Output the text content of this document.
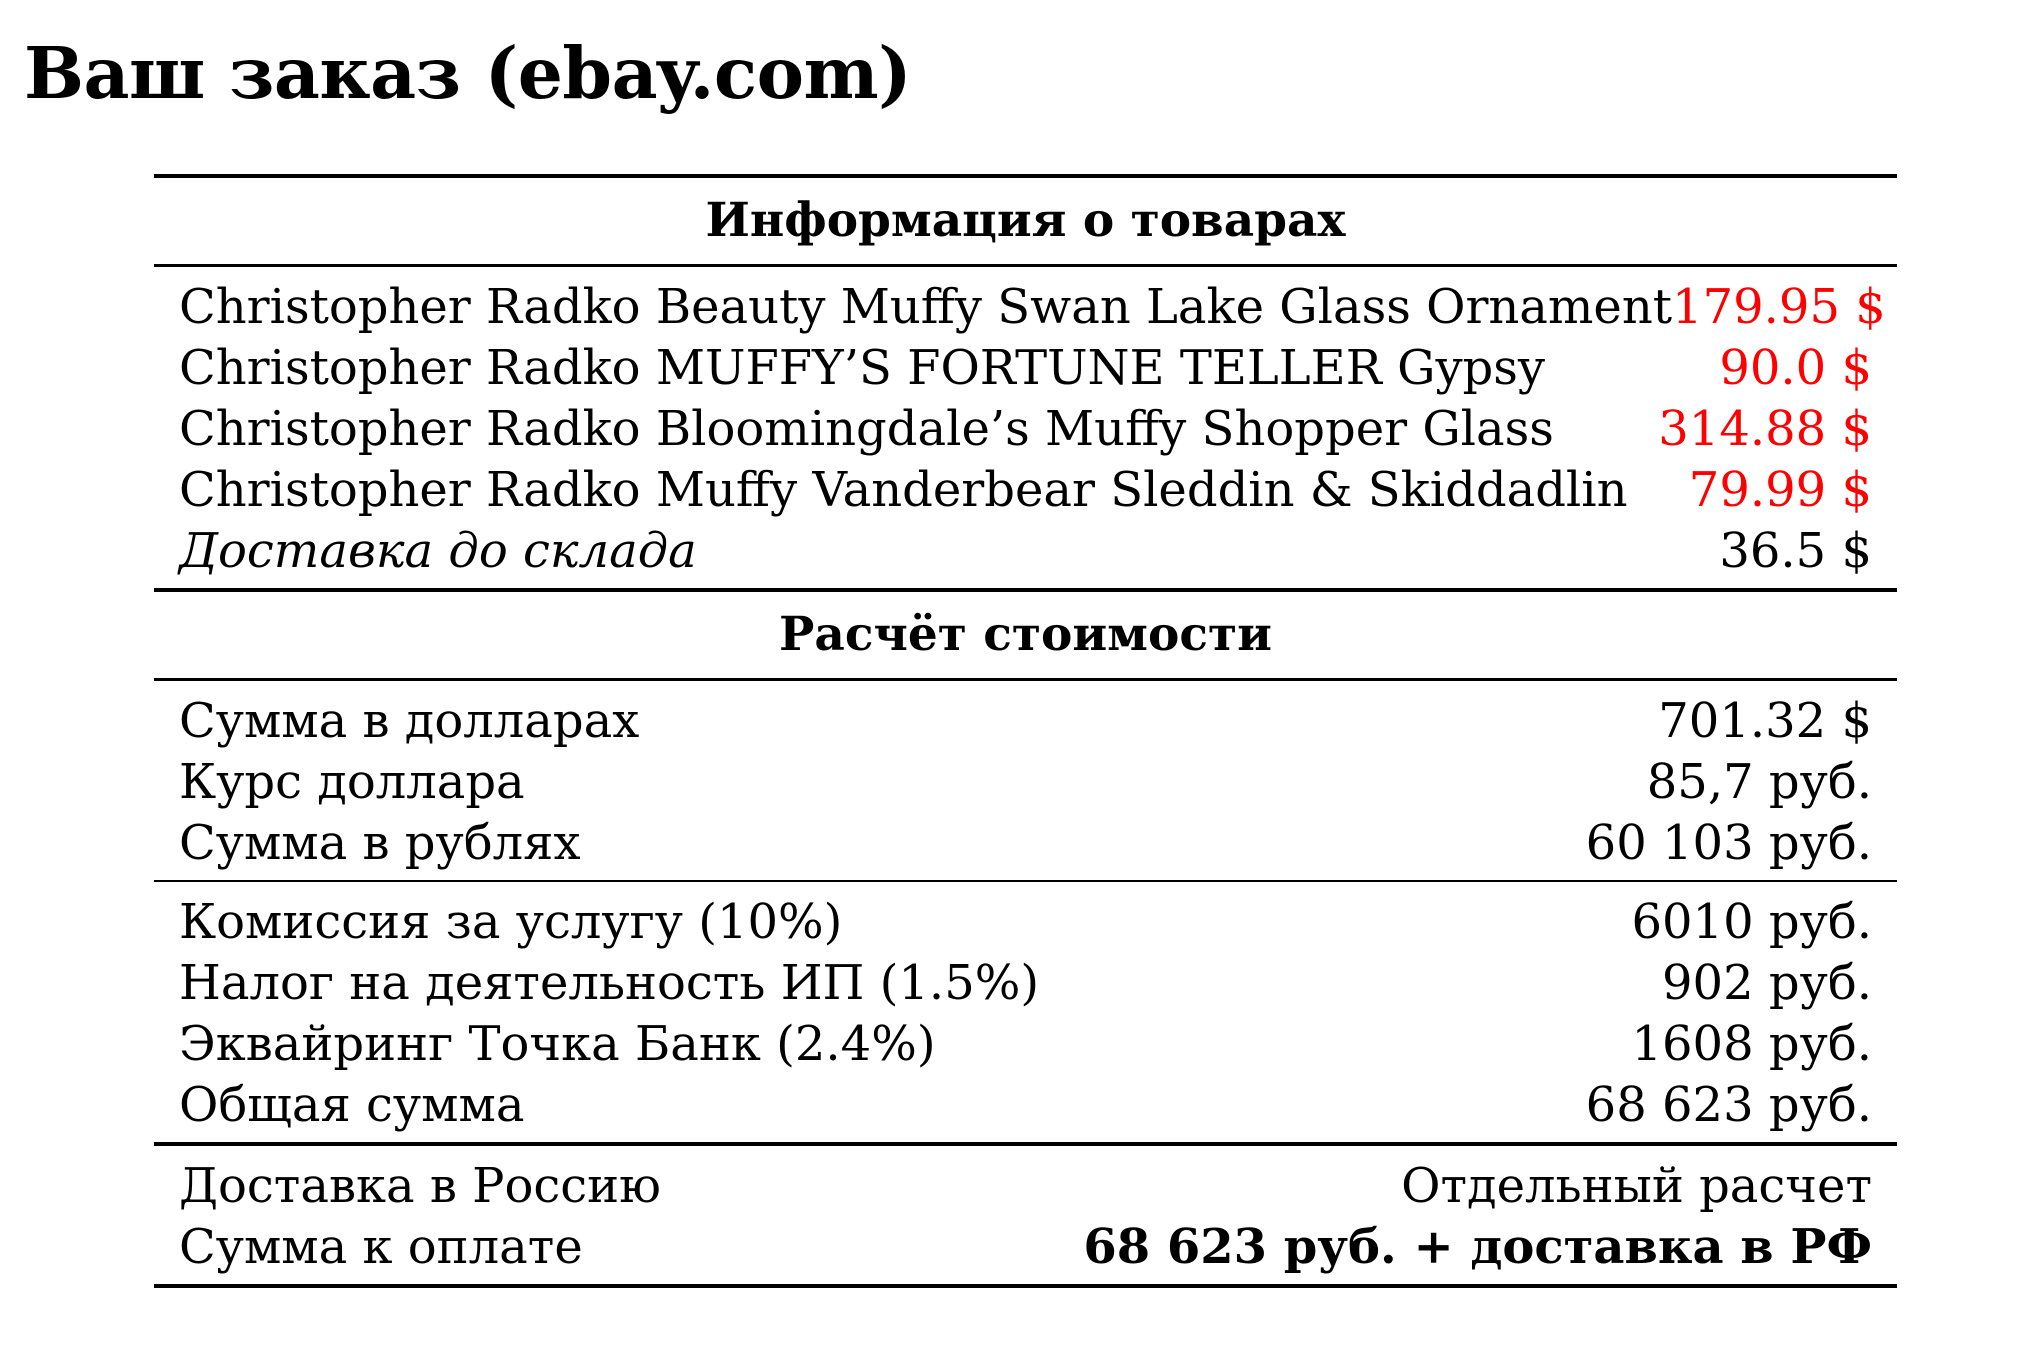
Ваш заказ (ebay.com)
Информация о товарах
Christopher Radko Beauty Muffy Swan Lake Glass Ornament 179.95 $
Christopher Radko MUFFY’S FORTUNE TELLER Gypsy	90.0 $
Christopher Radko Bloomingdale’s Muffy Shopper Glass	314.88 $
Christopher Radko Muffy Vanderbear Sleddin & Skiddadlin	79.99 $
Доставка до склада	36.5 $
Расчёт стоимости
Сумма в долларах	701.32 $
Курс доллара	85,7 руб.
Сумма в рублях	60 103 руб.
Комиссия за услугу (10%)	6010 руб.
Налог на деятельность ИП (1.5%)	902 руб.
Эквайринг Точка Банк (2.4%)	1608 руб.
Общая сумма	68 623 руб.
Доставка в Россию	Отдельный расчет
Сумма к оплате	68 623 руб. + доставка в РФ
